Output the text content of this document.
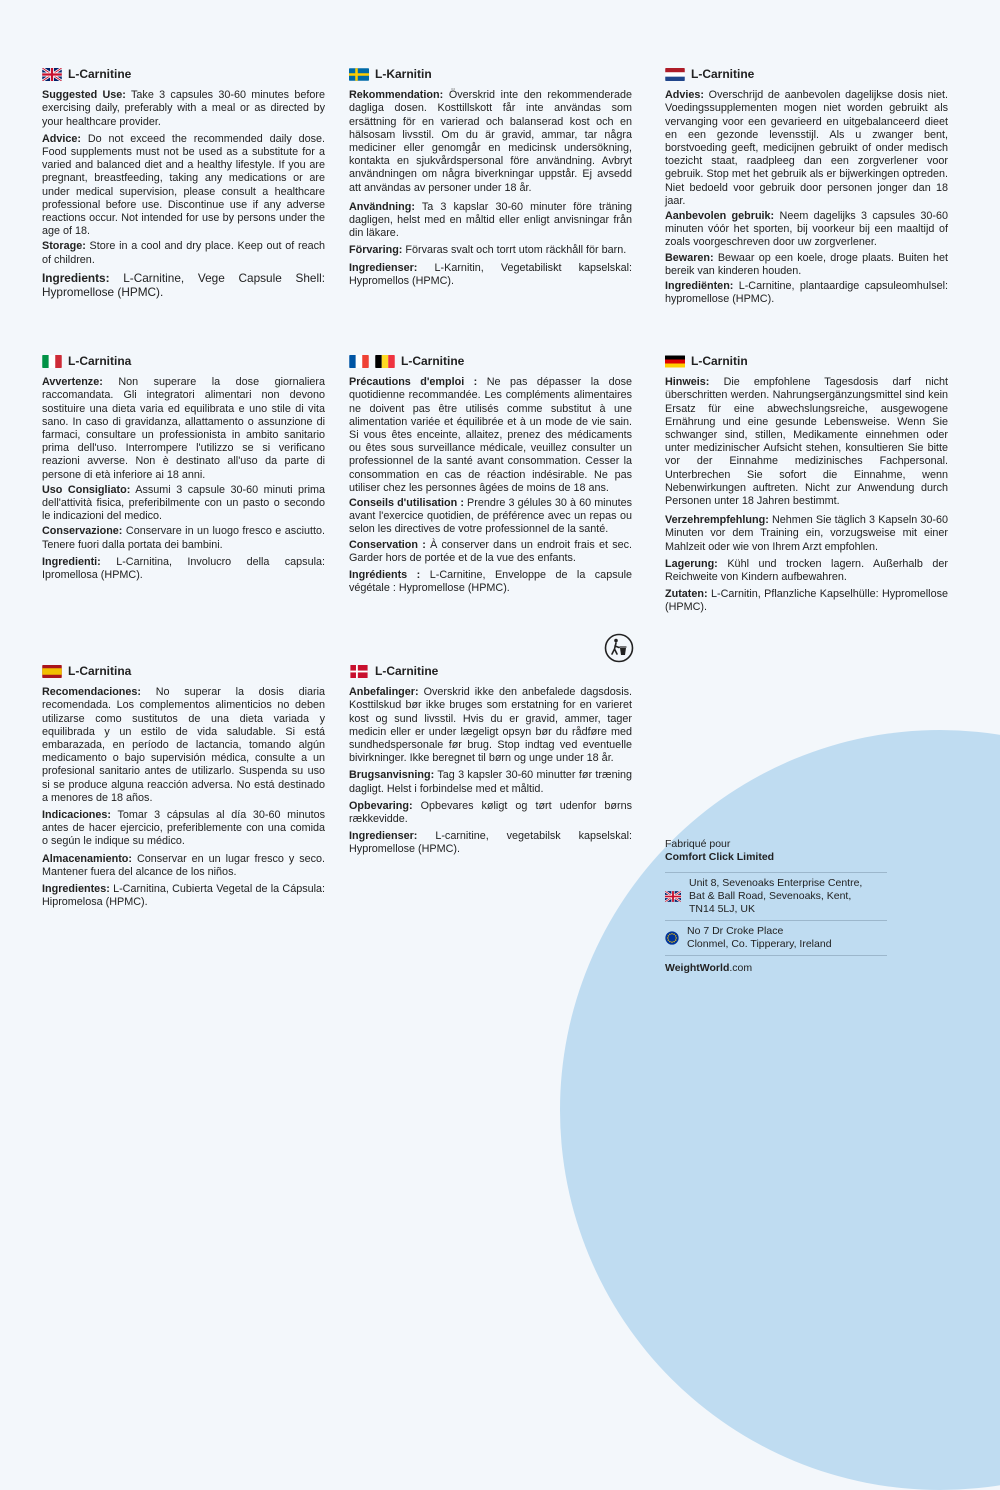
L-Carnitine
Suggested Use: Take 3 capsules 30-60 minutes before exercising daily, preferably with a meal or as directed by your healthcare provider.
Advice: Do not exceed the recommended daily dose. Food supplements must not be used as a substitute for a varied and balanced diet and a healthy lifestyle. If you are pregnant, breastfeeding, taking any medications or are under medical supervision, please consult a healthcare professional before use. Discontinue use if any adverse reactions occur. Not intended for use by persons under the age of 18.
Storage: Store in a cool and dry place. Keep out of reach of children.
Ingredients: L-Carnitine, Vege Capsule Shell: Hypromellose (HPMC).
L-Karnitin
Rekommendation: Överskrid inte den rekommenderade dagliga dosen. Kosttillskott får inte användas som ersättning för en varierad och balanserad kost och en hälsosam livsstil. Om du är gravid, ammar, tar några mediciner eller genomgår en medicinsk undersökning, kontakta en sjukvårdspersonal före användning. Avbryt användningen om några biverkningar uppstår. Ej avsedd att användas av personer under 18 år.
Användning: Ta 3 kapslar 30-60 minuter före träning dagligen, helst med en måltid eller enligt anvisningar från din läkare.
Förvaring: Förvaras svalt och torrt utom räckhåll för barn.
Ingredienser: L-Karnitin, Vegetabiliskt kapselskal: Hypromellos (HPMC).
L-Carnitine
Advies: Overschrijd de aanbevolen dagelijkse dosis niet. Voedingssupplementen mogen niet worden gebruikt als vervanging voor een gevarieerd en uitgebalanceerd dieet en een gezonde levensstijl. Als u zwanger bent, borstvoeding geeft, medicijnen gebruikt of onder medisch toezicht staat, raadpleeg dan een zorgverlener voor gebruik. Stop met het gebruik als er bijwerkingen optreden. Niet bedoeld voor gebruik door personen jonger dan 18 jaar.
Aanbevolen gebruik: Neem dagelijks 3 capsules 30-60 minuten vóór het sporten, bij voorkeur bij een maaltijd of zoals voorgeschreven door uw zorgverlener.
Bewaren: Bewaar op een koele, droge plaats. Buiten het bereik van kinderen houden.
Ingrediënten: L-Carnitine, plantaardige capsuleomhulsel: hypromellose (HPMC).
L-Carnitina
Avvertenze: Non superare la dose giornaliera raccomandata. Gli integratori alimentari non devono sostituire una dieta varia ed equilibrata e uno stile di vita sano. In caso di gravidanza, allattamento o assunzione di farmaci, consultare un professionista in ambito sanitario prima dell'uso. Interrompere l'utilizzo se si verificano reazioni avverse. Non è destinato all'uso da parte di persone di età inferiore ai 18 anni.
Uso Consigliato: Assumi 3 capsule 30-60 minuti prima dell'attività fisica, preferibilmente con un pasto o secondo le indicazioni del medico.
Conservazione: Conservare in un luogo fresco e asciutto. Tenere fuori dalla portata dei bambini.
Ingredienti: L-Carnitina, Involucro della capsula: Ipromellosa (HPMC).
L-Carnitine
Précautions d'emploi : Ne pas dépasser la dose quotidienne recommandée. Les compléments alimentaires ne doivent pas être utilisés comme substitut à une alimentation variée et équilibrée et à un mode de vie sain. Si vous êtes enceinte, allaitez, prenez des médicaments ou êtes sous surveillance médicale, veuillez consulter un professionnel de la santé avant consommation. Cesser la consommation en cas de réaction indésirable. Ne pas utiliser chez les personnes âgées de moins de 18 ans.
Conseils d'utilisation : Prendre 3 gélules 30 à 60 minutes avant l'exercice quotidien, de préférence avec un repas ou selon les directives de votre professionnel de la santé.
Conservation : À conserver dans un endroit frais et sec. Garder hors de portée et de la vue des enfants.
Ingrédients : L-Carnitine, Enveloppe de la capsule végétale : Hypromellose (HPMC).
L-Carnitin
Hinweis: Die empfohlene Tagesdosis darf nicht überschritten werden. Nahrungsergänzungsmittel sind kein Ersatz für eine abwechslungsreiche, ausgewogene Ernährung und eine gesunde Lebensweise. Wenn Sie schwanger sind, stillen, Medikamente einnehmen oder unter medizinischer Aufsicht stehen, konsultieren Sie bitte vor der Einnahme medizinisches Fachpersonal. Unterbrechen Sie sofort die Einnahme, wenn Nebenwirkungen auftreten. Nicht zur Anwendung durch Personen unter 18 Jahren bestimmt.
Verzehrempfehlung: Nehmen Sie täglich 3 Kapseln 30-60 Minuten vor dem Training ein, vorzugsweise mit einer Mahlzeit oder wie von Ihrem Arzt empfohlen.
Lagerung: Kühl und trocken lagern. Außerhalb der Reichweite von Kindern aufbewahren.
Zutaten: L-Carnitin, Pflanzliche Kapselhülle: Hypromellose (HPMC).
L-Carnitina
Recomendaciones: No superar la dosis diaria recomendada. Los complementos alimenticios no deben utilizarse como sustitutos de una dieta variada y equilibrada y un estilo de vida saludable. Si está embarazada, en período de lactancia, tomando algún medicamento o bajo supervisión médica, consulte a un profesional sanitario antes de utilizarlo. Suspenda su uso si se produce alguna reacción adversa. No está destinado a menores de 18 años.
Indicaciones: Tomar 3 cápsulas al día 30-60 minutos antes de hacer ejercicio, preferiblemente con una comida o según le indique su médico.
Almacenamiento: Conservar en un lugar fresco y seco. Mantener fuera del alcance de los niños.
Ingredientes: L-Carnitina, Cubierta Vegetal de la Cápsula: Hipromelosa (HPMC).
L-Carnitine
Anbefalinger: Overskrid ikke den anbefalede dagsdosis. Kosttilskud bør ikke bruges som erstatning for en varieret kost og sund livsstil. Hvis du er gravid, ammer, tager medicin eller er under lægeligt opsyn bør du rådføre med sundhedspersonale før brug. Stop indtag ved eventuelle bivirkninger. Ikke beregnet til børn og unge under 18 år.
Brugsanvisning: Tag 3 kapsler 30-60 minutter før træning dagligt. Helst i forbindelse med et måltid.
Opbevaring: Opbevares køligt og tørt udenfor børns rækkevidde.
Ingredienser: L-carnitine, vegetabilsk kapselskal: Hypromellose (HPMC).	Fabriqué pour
Comfort Click Limited
Unit 8, Sevenoaks Enterprise Centre,
Bat & Ball Road, Sevenoaks, Kent,
TN14 5LJ, UK
No 7 Dr Croke Place
Clonmel, Co. Tipperary, Ireland
WeightWorld.com
